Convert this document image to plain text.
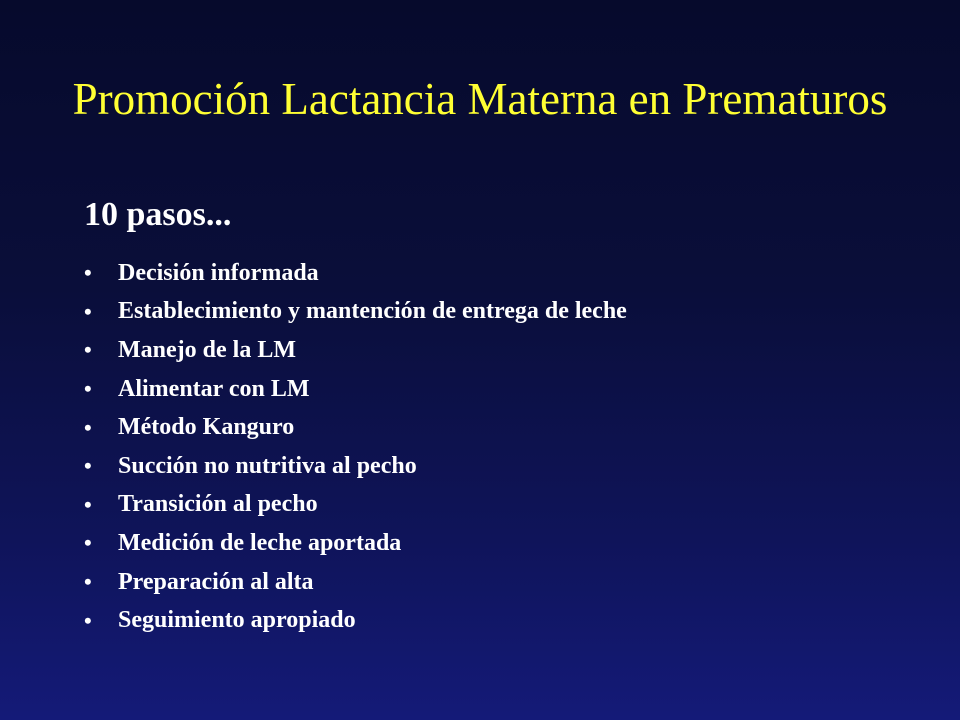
Promoción Lactancia Materna en Prematuros
10 pasos...
•	Decisión informada
•	Establecimiento y mantención de entrega de leche
•	Manejo de la LM
•	Alimentar con LM
•	Método Kanguro
•	Succión no nutritiva al pecho
•	Transición al pecho
•	Medición de leche aportada
•	Preparación al alta
•	Seguimiento apropiado
